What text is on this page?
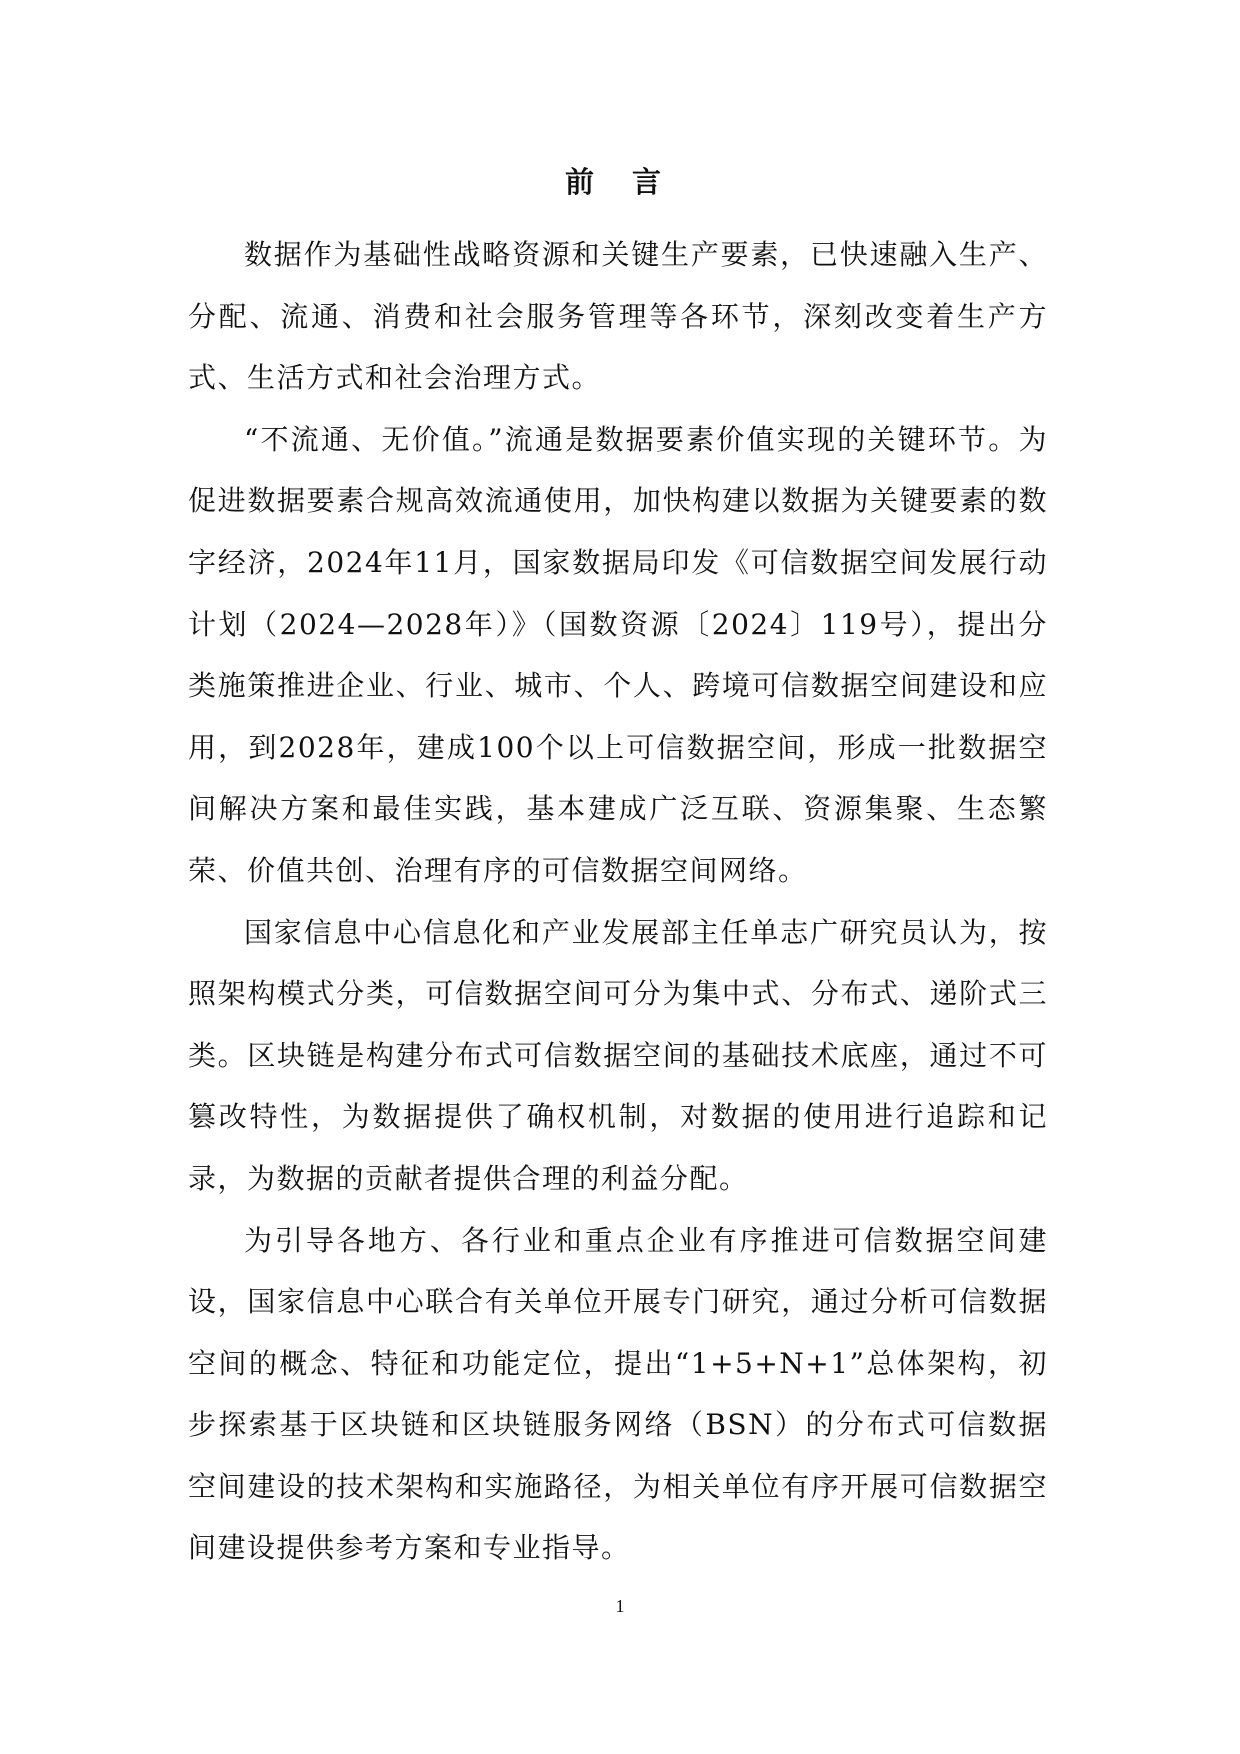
前 言

数据作为基础性战略资源和关键生产要素，已快速融入生产、分配、流通、消费和社会服务管理等各环节，深刻改变着生产方式、生活方式和社会治理方式。

“不流通、无价值。”流通是数据要素价值实现的关键环节。为促进数据要素合规高效流通使用，加快构建以数据为关键要素的数字经济，2024年11月，国家数据局印发《可信数据空间发展行动计划（2024—2028年）》（国数资源〔2024〕119号），提出分类施策推进企业、行业、城市、个人、跨境可信数据空间建设和应用，到2028年，建成100个以上可信数据空间，形成一批数据空间解决方案和最佳实践，基本建成广泛互联、资源集聚、生态繁荣、价值共创、治理有序的可信数据空间网络。

国家信息中心信息化和产业发展部主任单志广研究员认为，按照架构模式分类，可信数据空间可分为集中式、分布式、递阶式三类。区块链是构建分布式可信数据空间的基础技术底座，通过不可篡改特性，为数据提供了确权机制，对数据的使用进行追踪和记录，为数据的贡献者提供合理的利益分配。

为引导各地方、各行业和重点企业有序推进可信数据空间建设，国家信息中心联合有关单位开展专门研究，通过分析可信数据空间的概念、特征和功能定位，提出“1+5+N+1”总体架构，初步探索基于区块链和区块链服务网络（BSN）的分布式可信数据空间建设的技术架构和实施路径，为相关单位有序开展可信数据空间建设提供参考方案和专业指导。

1
